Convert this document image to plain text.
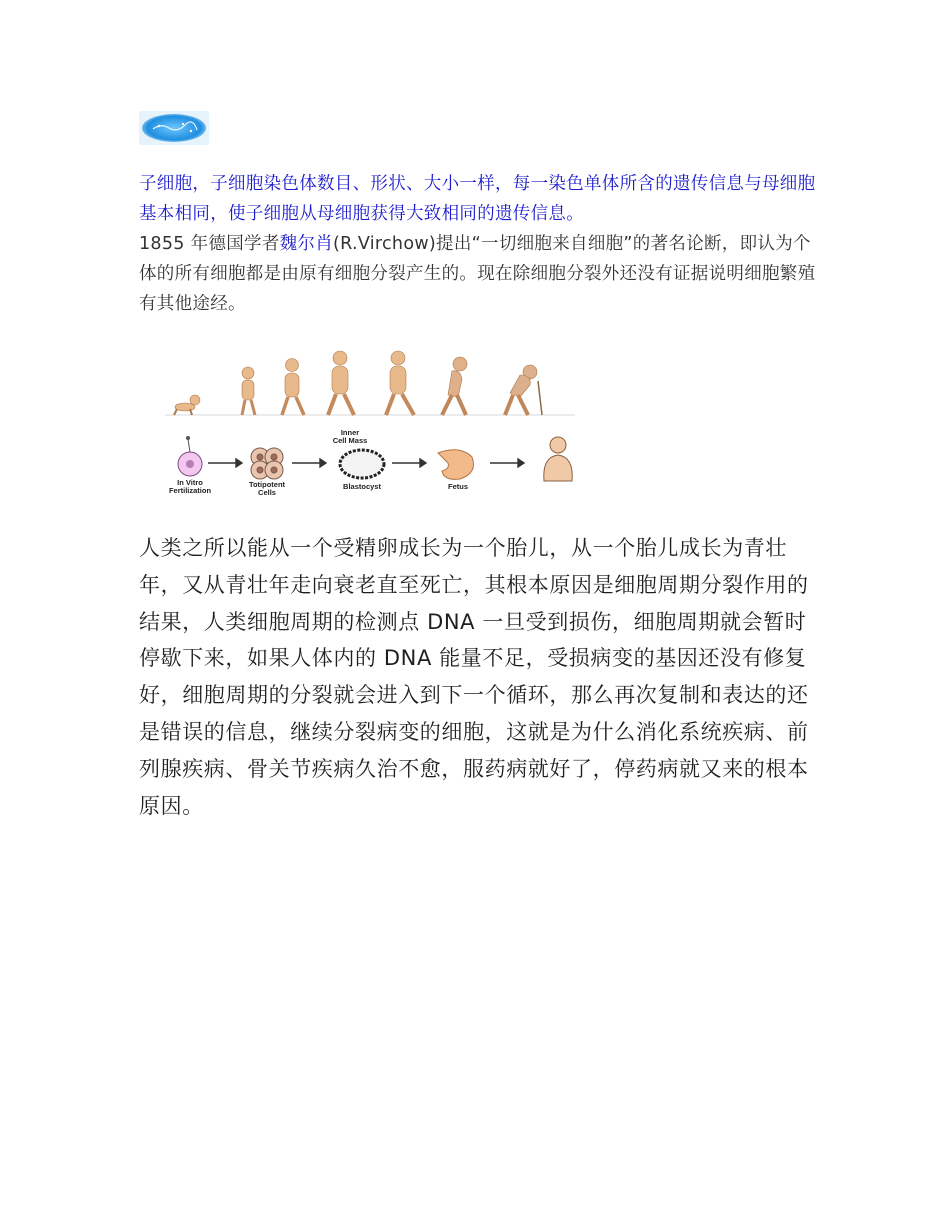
子细胞，子细胞染色体数目、形状、大小一样，每一染色单体所含的遗传信息与母细胞基本相同，使子细胞从母细胞获得大致相同的遗传信息。
1855 年德国学者魏尔肖(R.Virchow)提出“一切细胞来自细胞”的著名论断，即认为个体的所有细胞都是由原有细胞分裂产生的。现在除细胞分裂外还没有证据说明细胞繁殖有其他途经。
In Vitro
Fertilization
Totipotent
Cells
Inner
Cell Mass
Blastocyst	Fetus
人类之所以能从一个受精卵成长为一个胎儿，从一个胎儿成长为青壮年，又从青壮年走向衰老直至死亡，其根本原因是细胞周期分裂作用的结果，人类细胞周期的检测点 DNA 一旦受到损伤，细胞周期就会暂时停歇下来，如果人体内的 DNA 能量不足，受损病变的基因还没有修复好，细胞周期的分裂就会进入到下一个循环，那么再次复制和表达的还是错误的信息，继续分裂病变的细胞，这就是为什么消化系统疾病、前列腺疾病、骨关节疾病久治不愈，服药病就好了，停药病就又来的根本原因。
